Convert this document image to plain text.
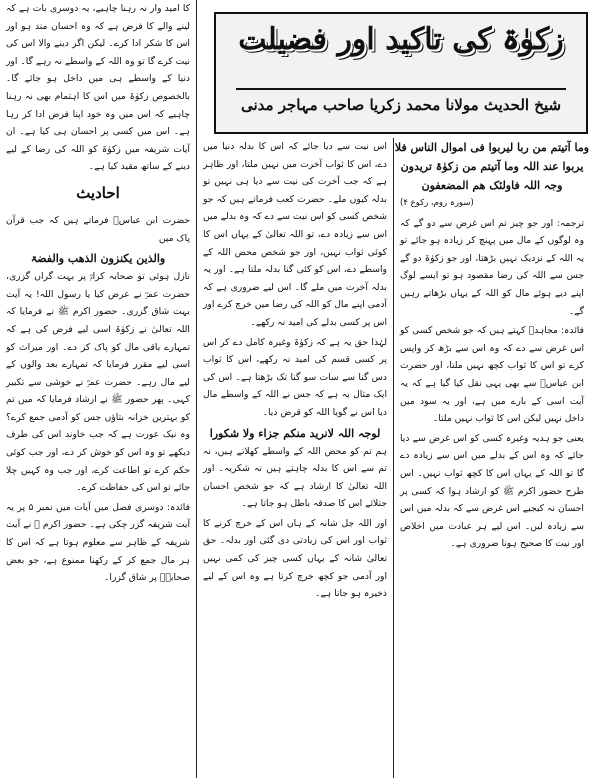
زکوٰۃ کی تاکید اور فضیلت
شیخ الحدیث مولانا محمد زکریا صاحب مہاجر مدنی

کا امید وار نہ رہنا چاہیے، یہ دوسری بات ہے کہ لینے والے کا فرض ہے کہ وہ احسان مند ہو اور اس کا شکر ادا کرے۔ لیکن اگر دینے والا اس کی نیت کرے گا تو وہ اللہ کے واسطے نہ رہے گا۔ اور دنیا کے واسطے ہی میں داخل ہو جائے گا۔ بالخصوص زکوٰۃ میں اس کا اہتمام بھی نہ رہنا چاہیے کہ اس میں وہ خود اپنا فرض ادا کر رہا ہے۔ اس میں کسی پر احسان ہی کیا ہے۔ ان آیات شریفہ میں زکوٰۃ کو اللہ کی رضا کے لیے دینے کے ساتھ مقید کیا ہے۔

احادیث

حضرت ابن عباسؓ فرماتے ہیں کہ جب قرآن پاک میں

والذین یکنزون الذھب والفضۃ

نازل ہوئی تو صحابہ کرامؓ پر بہت گراں گزری، حضرت عمرؓ نے عرض کیا یا رسول اللہ! یہ آیت بہت شاق گزری۔ حضور اکرم ﷺ نے فرمایا کہ اللہ تعالیٰ نے زکوٰۃ اسی لیے فرض کی ہے کہ تمہارے باقی مال کو پاک کر دے۔ اور میراث کو اسی لیے مقرر فرمایا کہ تمہارے بعد والوں کے لیے مال رہے۔ حضرت عمرؓ نے خوشی سے تکبیر کہی۔ پھر حضور ﷺ نے ارشاد فرمایا کہ میں تم کو بہترین خزانہ بتاؤں جس کو آدمی جمع کرے؟ وہ نیک عورت ہے کہ جب خاوند اس کی طرف دیکھے تو وہ اس کو خوش کر دے، اور جب کوئی حکم کرے تو اطاعت کرے، اور جب وہ کہیں چلا جائے تو اس کی حفاظت کرے۔

فائدہ: دوسری فصل میں آیات میں نمبر ۵ پر یہ آیت شریفہ گزر چکی ہے۔ حضور اکرم ﷺ نے آیت شریفہ کے ظاہر سے معلوم ہوتا ہے کہ اس کا ہر مال جمع کر کے رکھنا ممنوع ہے، جو بعض صحابہؓ پر شاق گزرا۔

اس نیت سے دیا جائے کہ اس کا بدلہ دنیا میں دے، اس کا ثواب آخرت میں نہیں ملتا، اور ظاہر ہے کہ جب آخرت کی نیت سے دیا ہی نہیں تو بدلہ کیوں ملے۔ حضرت کعب فرماتے ہیں کہ جو شخص کسی کو اس نیت سے دے کہ وہ بدلے میں اس سے زیادہ دے، تو اللہ تعالیٰ کے یہاں اس کا کوئی ثواب نہیں، اور جو شخص محض اللہ کے واسطے دے، اس کو کئی گنا بدلہ ملتا ہے۔ اور یہ بدلہ آخرت میں ملے گا۔ اس لیے ضروری ہے کہ آدمی اپنے مال کو اللہ کی رضا میں خرچ کرے اور اس پر کسی بدلے کی امید نہ رکھے۔

لہٰذا حق یہ ہے کہ زکوٰۃ وغیرہ کامل دے کر اس پر کسی قسم کی امید نہ رکھے، اس کا ثواب دس گنا سے سات سو گنا تک بڑھتا ہے۔ اس کی ایک مثال یہ ہے کہ جس نے اللہ کے واسطے مال دیا اس نے گویا اللہ کو قرض دیا۔

لوجہ اللہ لانرید منکم جزاء ولا شکورا

ہم تم کو محض اللہ کے واسطے کھلاتے ہیں، نہ تم سے اس کا بدلہ چاہتے ہیں نہ شکریہ۔ اور اللہ تعالیٰ کا ارشاد ہے کہ جو شخص احسان جتلائے اس کا صدقہ باطل ہو جاتا ہے۔

اور اللہ جل شانہ کے ہاں اس کے خرچ کرنے کا ثواب اور اس کی زیادتی دی گئی اور بدلہ۔ حق تعالیٰ شانہ کے یہاں کسی چیز کی کمی نہیں اور آدمی جو کچھ خرچ کرتا ہے وہ اس کے لیے ذخیرہ ہو جاتا ہے۔

وما آتیتم من ربا لیربوا فی اموال الناس فلا یربوا عند اللہ وما آتیتم من زکوٰۃ تریدون وجہ اللہ فاولئک ھم المضعفون

(سورہ روم، رکوع ۴)

ترجمہ: اور جو چیز تم اس غرض سے دو گے کہ وہ لوگوں کے مال میں پہنچ کر زیادہ ہو جائے تو یہ اللہ کے نزدیک نہیں بڑھتا، اور جو زکوٰۃ دو گے جس سے اللہ کی رضا مقصود ہو تو ایسے لوگ اپنے دیے ہوئے مال کو اللہ کے یہاں بڑھاتے رہیں گے۔

فائدہ: مجاہدؒ کہتے ہیں کہ جو شخص کسی کو اس غرض سے دے کہ وہ اس سے بڑھ کر واپس کرے تو اس کا ثواب کچھ نہیں ملتا، اور حضرت ابن عباسؓ سے بھی یہی نقل کیا گیا ہے کہ یہ آیت اسی کے بارے میں ہے، اور یہ سود میں داخل نہیں لیکن اس کا ثواب نہیں ملتا۔

یعنی جو ہدیہ وغیرہ کسی کو اس غرض سے دیا جائے کہ وہ اس کے بدلے میں اس سے زیادہ دے گا تو اللہ کے یہاں اس کا کچھ ثواب نہیں۔ اس طرح حضور اکرم ﷺ کو ارشاد ہوا کہ کسی پر احسان نہ کیجیے اس غرض سے کہ بدلہ میں اس سے زیادہ لیں۔ اس لیے ہر عبادت میں اخلاص اور نیت کا صحیح ہونا ضروری ہے۔
